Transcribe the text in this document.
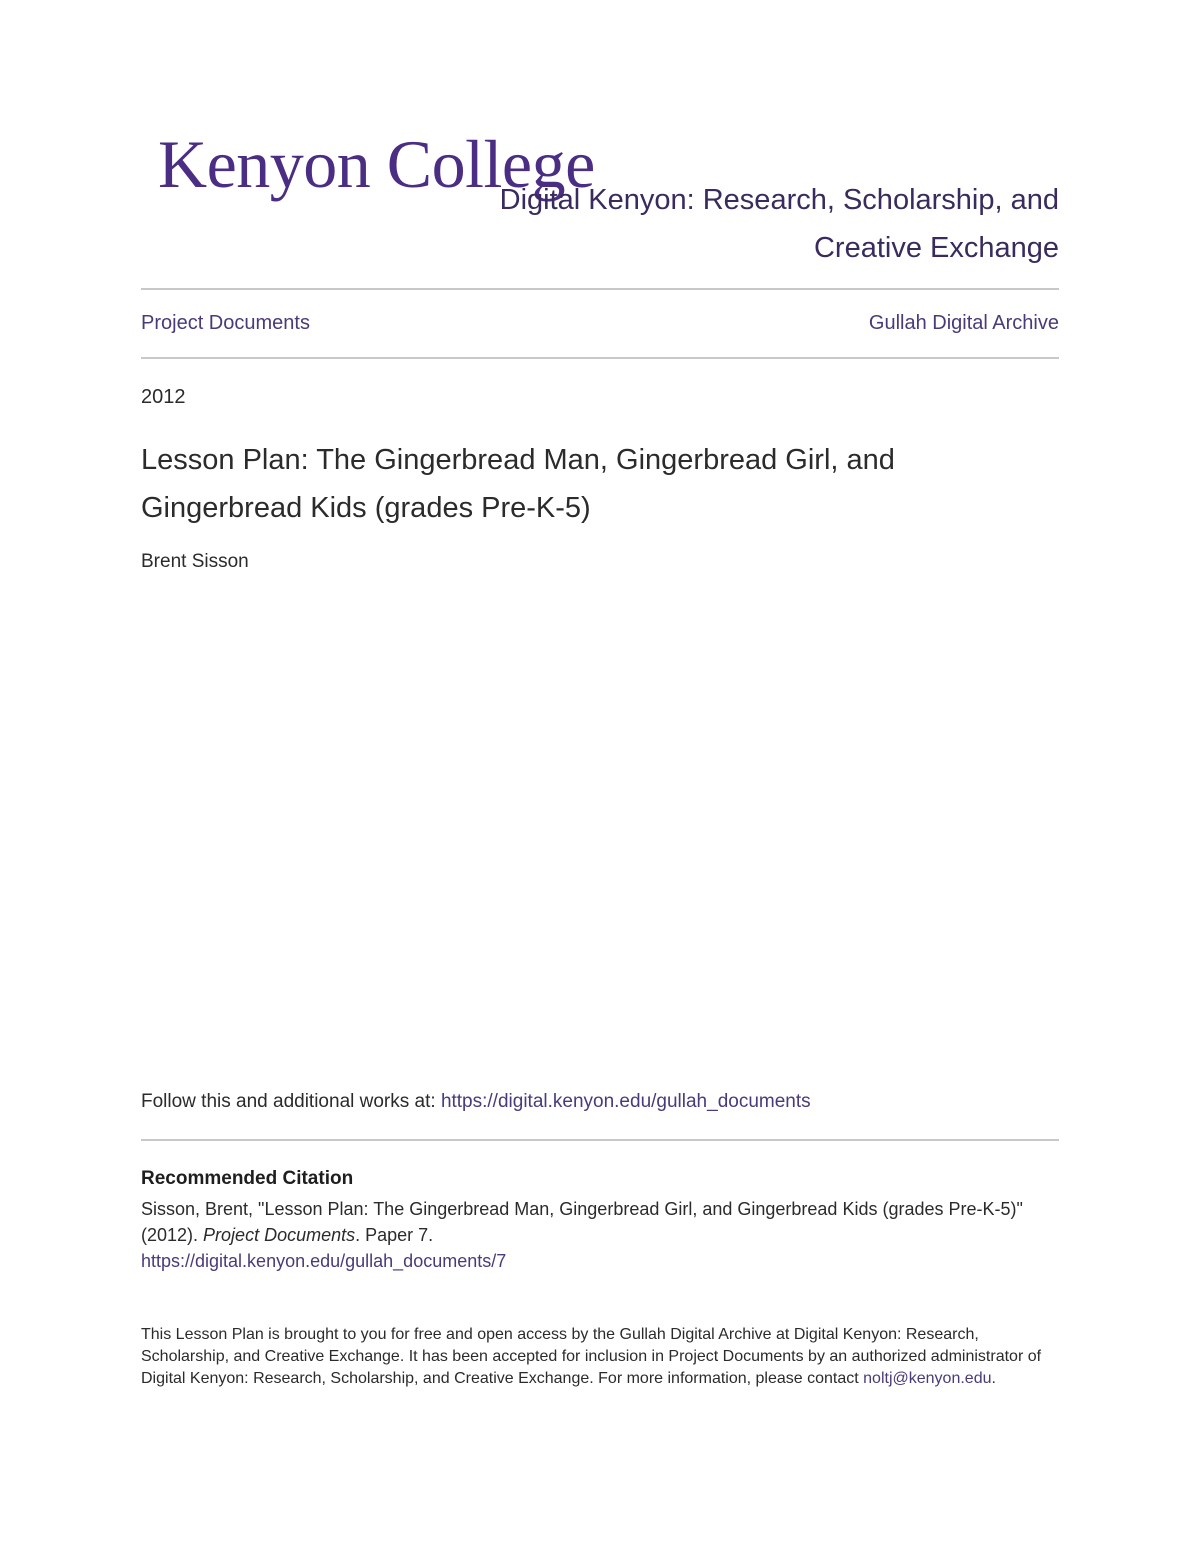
Kenyon College
Digital Kenyon: Research, Scholarship, and Creative Exchange
Project Documents	Gullah Digital Archive
2012
Lesson Plan: The Gingerbread Man, Gingerbread Girl, and Gingerbread Kids (grades Pre-K-5)
Brent Sisson
Follow this and additional works at: https://digital.kenyon.edu/gullah_documents
Recommended Citation
Sisson, Brent, "Lesson Plan: The Gingerbread Man, Gingerbread Girl, and Gingerbread Kids (grades Pre-K-5)" (2012). Project Documents. Paper 7.
https://digital.kenyon.edu/gullah_documents/7
This Lesson Plan is brought to you for free and open access by the Gullah Digital Archive at Digital Kenyon: Research, Scholarship, and Creative Exchange. It has been accepted for inclusion in Project Documents by an authorized administrator of Digital Kenyon: Research, Scholarship, and Creative Exchange. For more information, please contact noltj@kenyon.edu.
